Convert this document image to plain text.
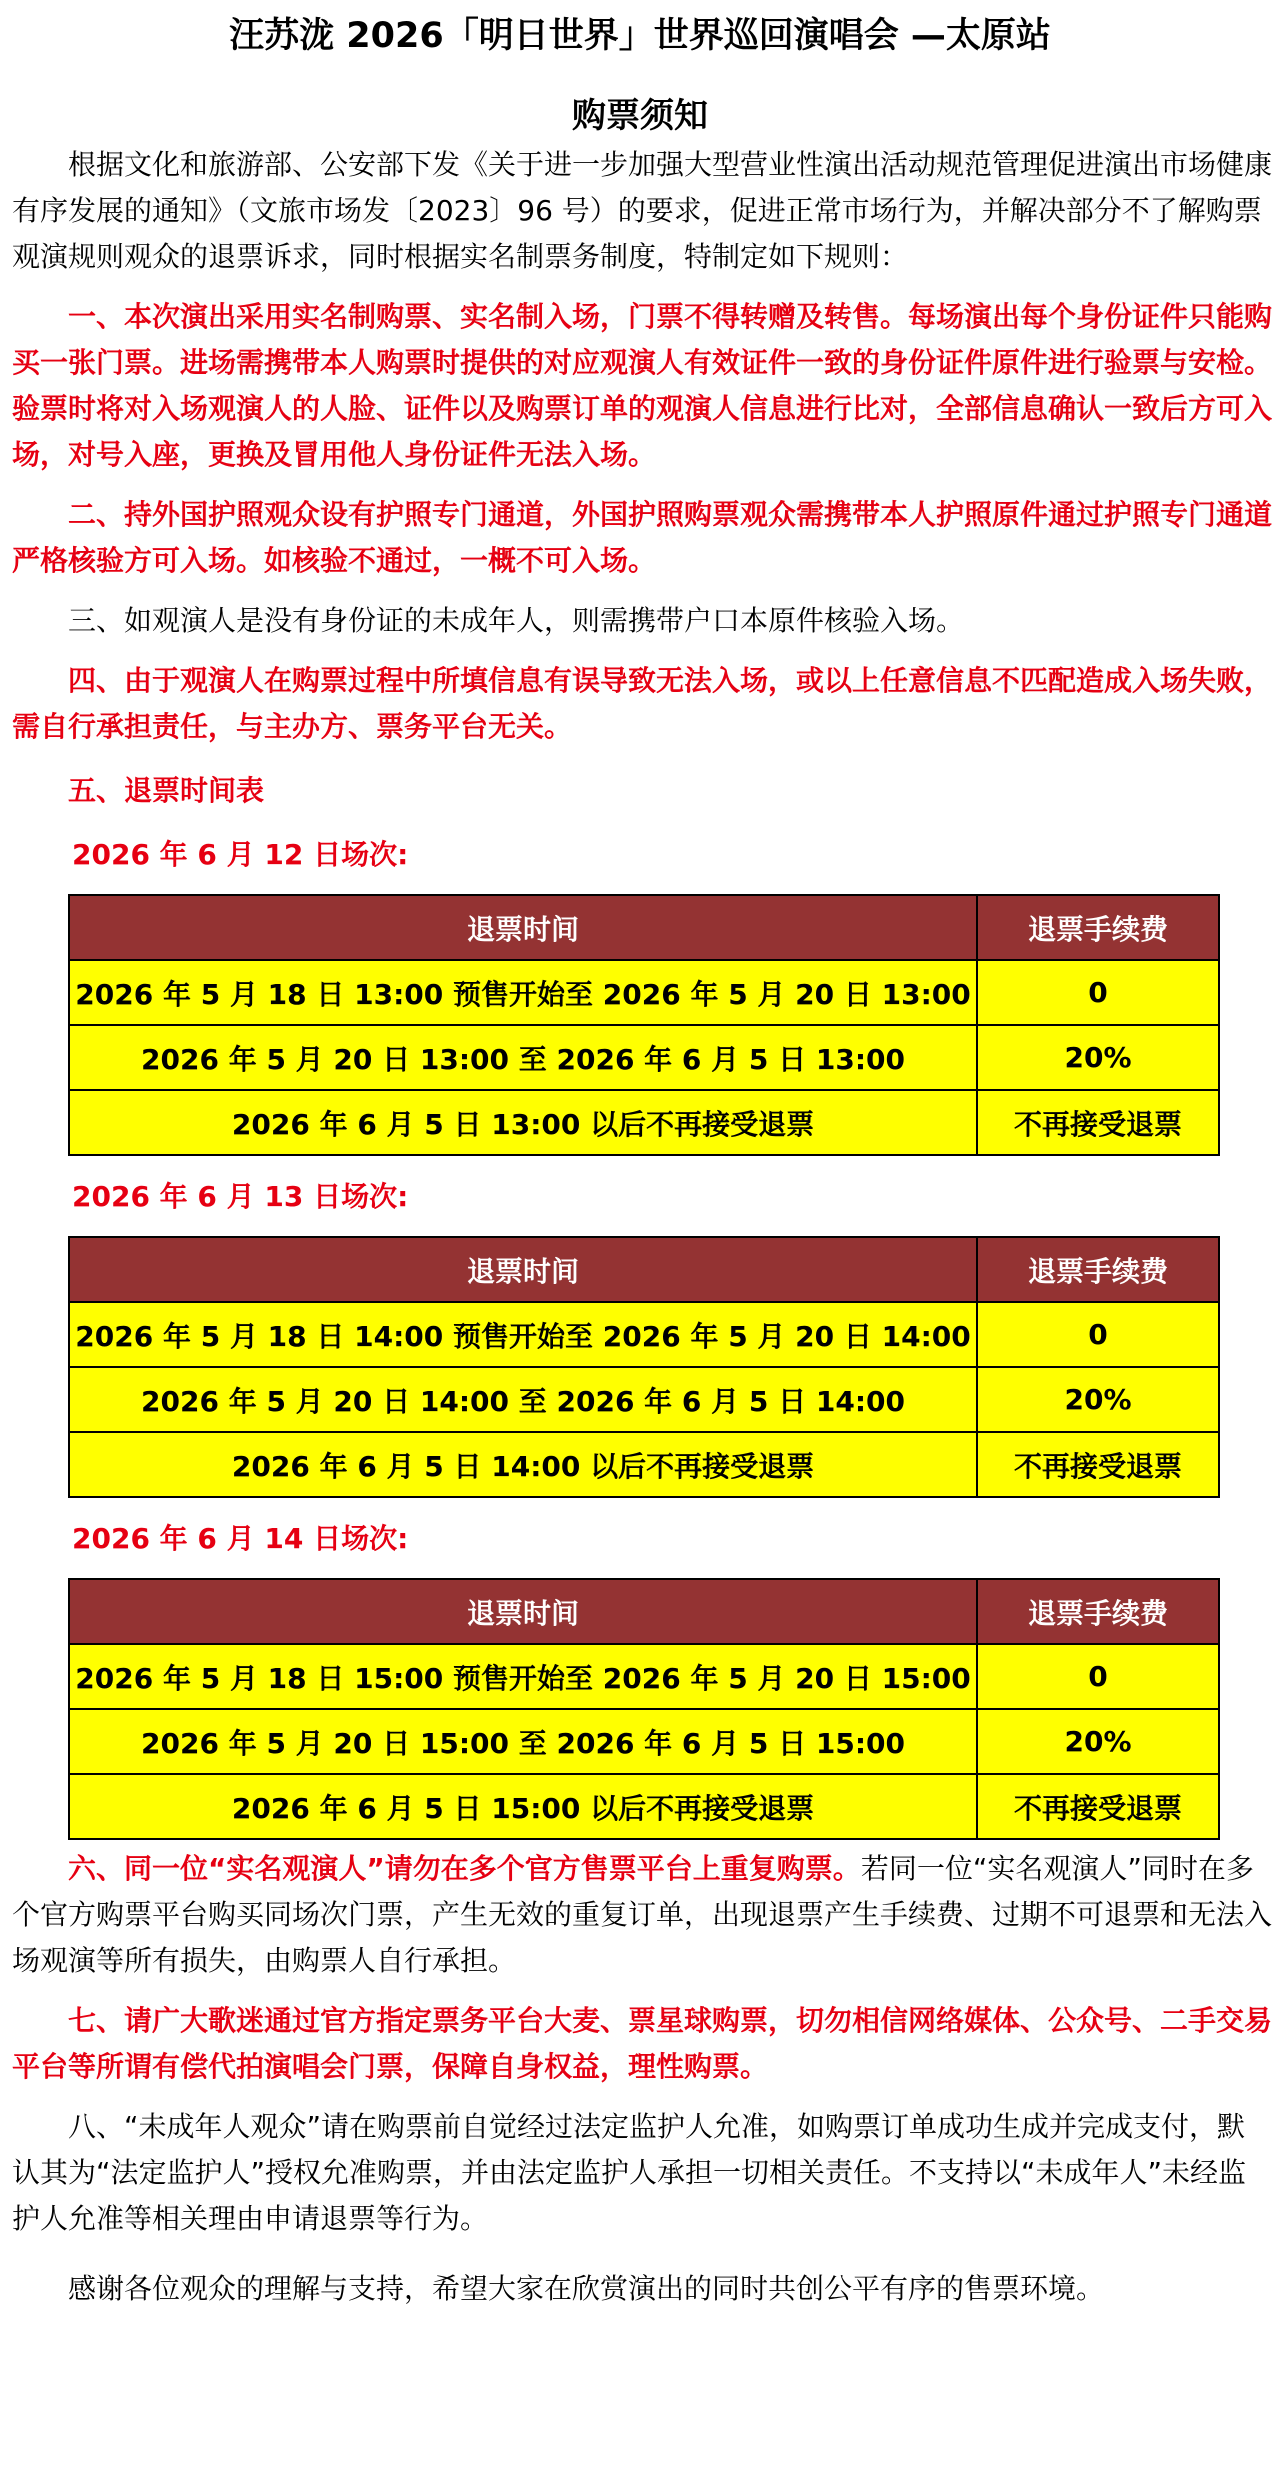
汪苏泷 2026「明日世界」世界巡回演唱会 —太原站
购票须知

根据文化和旅游部、公安部下发《关于进一步加强大型营业性演出活动规范管理促进演出市场健康有序发展的通知》（文旅市场发〔2023〕96 号）的要求，促进正常市场行为，并解决部分不了解购票观演规则观众的退票诉求，同时根据实名制票务制度，特制定如下规则：

一、本次演出采用实名制购票、实名制入场，门票不得转赠及转售。每场演出每个身份证件只能购买一张门票。进场需携带本人购票时提供的对应观演人有效证件一致的身份证件原件进行验票与安检。验票时将对入场观演人的人脸、证件以及购票订单的观演人信息进行比对，全部信息确认一致后方可入场，对号入座，更换及冒用他人身份证件无法入场。

二、持外国护照观众设有护照专门通道，外国护照购票观众需携带本人护照原件通过护照专门通道严格核验方可入场。如核验不通过，一概不可入场。

三、如观演人是没有身份证的未成年人，则需携带户口本原件核验入场。

四、由于观演人在购票过程中所填信息有误导致无法入场，或以上任意信息不匹配造成入场失败，需自行承担责任，与主办方、票务平台无关。

五、退票时间表
2026 年 6 月 12 日场次:
退票时间	退票手续费
2026 年 5 月 18 日 13:00 预售开始至 2026 年 5 月 20 日 13:00	0
2026 年 5 月 20 日 13:00 至 2026 年 6 月 5 日 13:00	20%
2026 年 6 月 5 日 13:00 以后不再接受退票	不再接受退票
2026 年 6 月 13 日场次:
退票时间	退票手续费
2026 年 5 月 18 日 14:00 预售开始至 2026 年 5 月 20 日 14:00	0
2026 年 5 月 20 日 14:00 至 2026 年 6 月 5 日 14:00	20%
2026 年 6 月 5 日 14:00 以后不再接受退票	不再接受退票
2026 年 6 月 14 日场次:
退票时间	退票手续费
2026 年 5 月 18 日 15:00 预售开始至 2026 年 5 月 20 日 15:00	0
2026 年 5 月 20 日 15:00 至 2026 年 6 月 5 日 15:00	20%
2026 年 6 月 5 日 15:00 以后不再接受退票	不再接受退票

六、同一位“实名观演人”请勿在多个官方售票平台上重复购票。若同一位“实名观演人”同时在多个官方购票平台购买同场次门票，产生无效的重复订单，出现退票产生手续费、过期不可退票和无法入场观演等所有损失，由购票人自行承担。

七、请广大歌迷通过官方指定票务平台大麦、票星球购票，切勿相信网络媒体、公众号、二手交易平台等所谓有偿代拍演唱会门票，保障自身权益，理性购票。

八、“未成年人观众”请在购票前自觉经过法定监护人允准，如购票订单成功生成并完成支付，默认其为“法定监护人”授权允准购票，并由法定监护人承担一切相关责任。不支持以“未成年人”未经监护人允准等相关理由申请退票等行为。

感谢各位观众的理解与支持，希望大家在欣赏演出的同时共创公平有序的售票环境。
